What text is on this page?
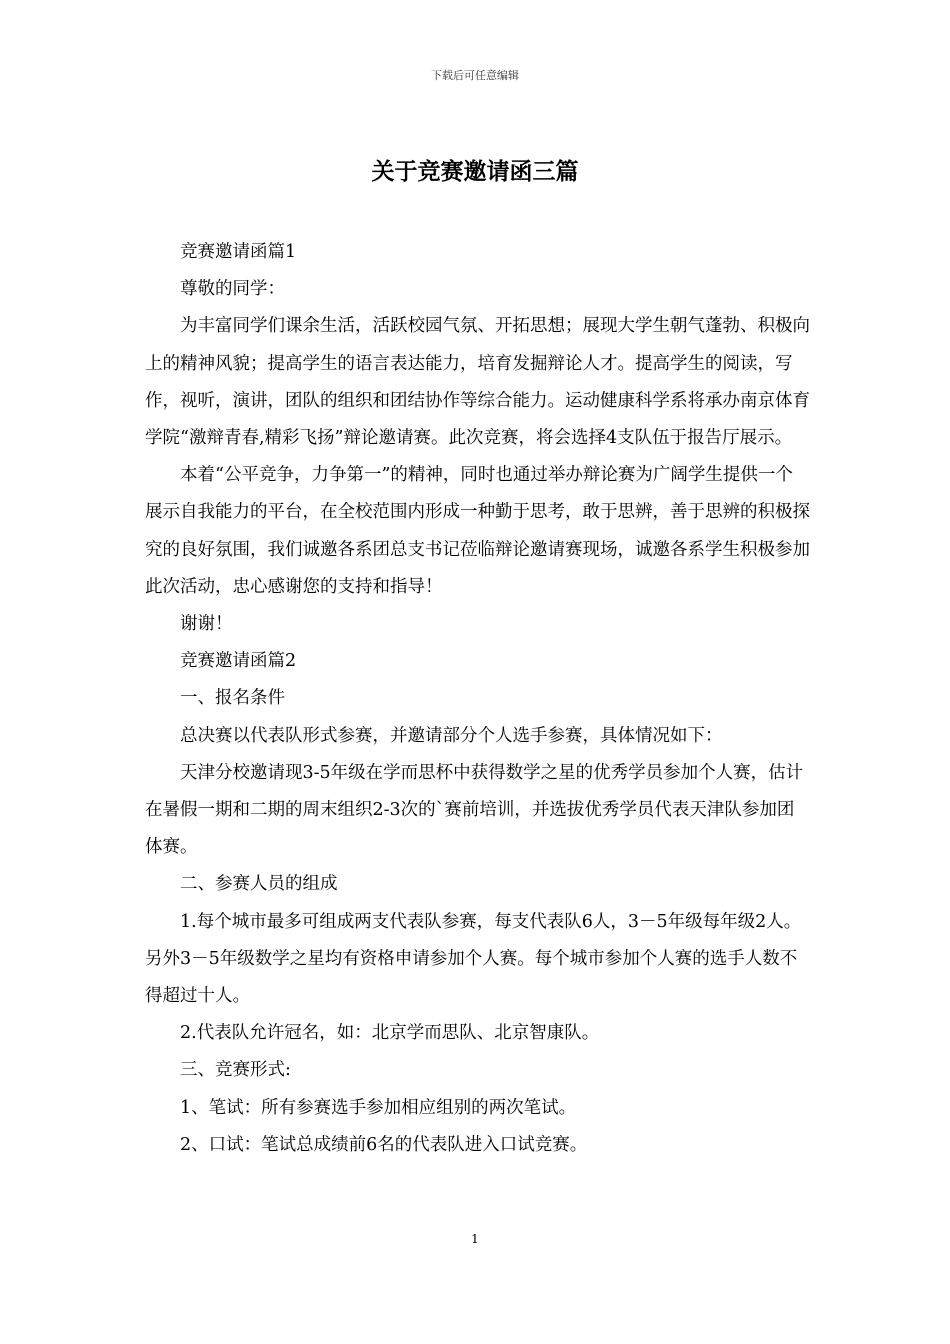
下载后可任意编辑
关于竞赛邀请函三篇

竞赛邀请函篇1

尊敬的同学：

为丰富同学们课余生活，活跃校园气氛、开拓思想；展现大学生朝气蓬勃、积极向上的精神风貌；提高学生的语言表达能力，培育发掘辩论人才。提高学生的阅读，写作，视听，演讲，团队的组织和团结协作等综合能力。运动健康科学系将承办南京体育学院“激辩青春,精彩飞扬”辩论邀请赛。此次竞赛，将会选择4支队伍于报告厅展示。

本着“公平竞争，力争第一”的精神，同时也通过举办辩论赛为广阔学生提供一个展示自我能力的平台，在全校范围内形成一种勤于思考，敢于思辨，善于思辨的积极探究的良好氛围，我们诚邀各系团总支书记莅临辩论邀请赛现场，诚邀各系学生积极参加此次活动，忠心感谢您的支持和指导！

谢谢！

竞赛邀请函篇2

一、报名条件

总决赛以代表队形式参赛，并邀请部分个人选手参赛，具体情况如下：

天津分校邀请现3-5年级在学而思杯中获得数学之星的优秀学员参加个人赛，估计在暑假一期和二期的周末组织2-3次的`赛前培训，并选拔优秀学员代表天津队参加团体赛。

二、参赛人员的组成

1.每个城市最多可组成两支代表队参赛，每支代表队6人，3－5年级每年级2人。另外3－5年级数学之星均有资格申请参加个人赛。每个城市参加个人赛的选手人数不得超过十人。

2.代表队允许冠名，如：北京学而思队、北京智康队。

三、竞赛形式:

1、笔试：所有参赛选手参加相应组别的两次笔试。

2、口试：笔试总成绩前6名的代表队进入口试竞赛。

1
